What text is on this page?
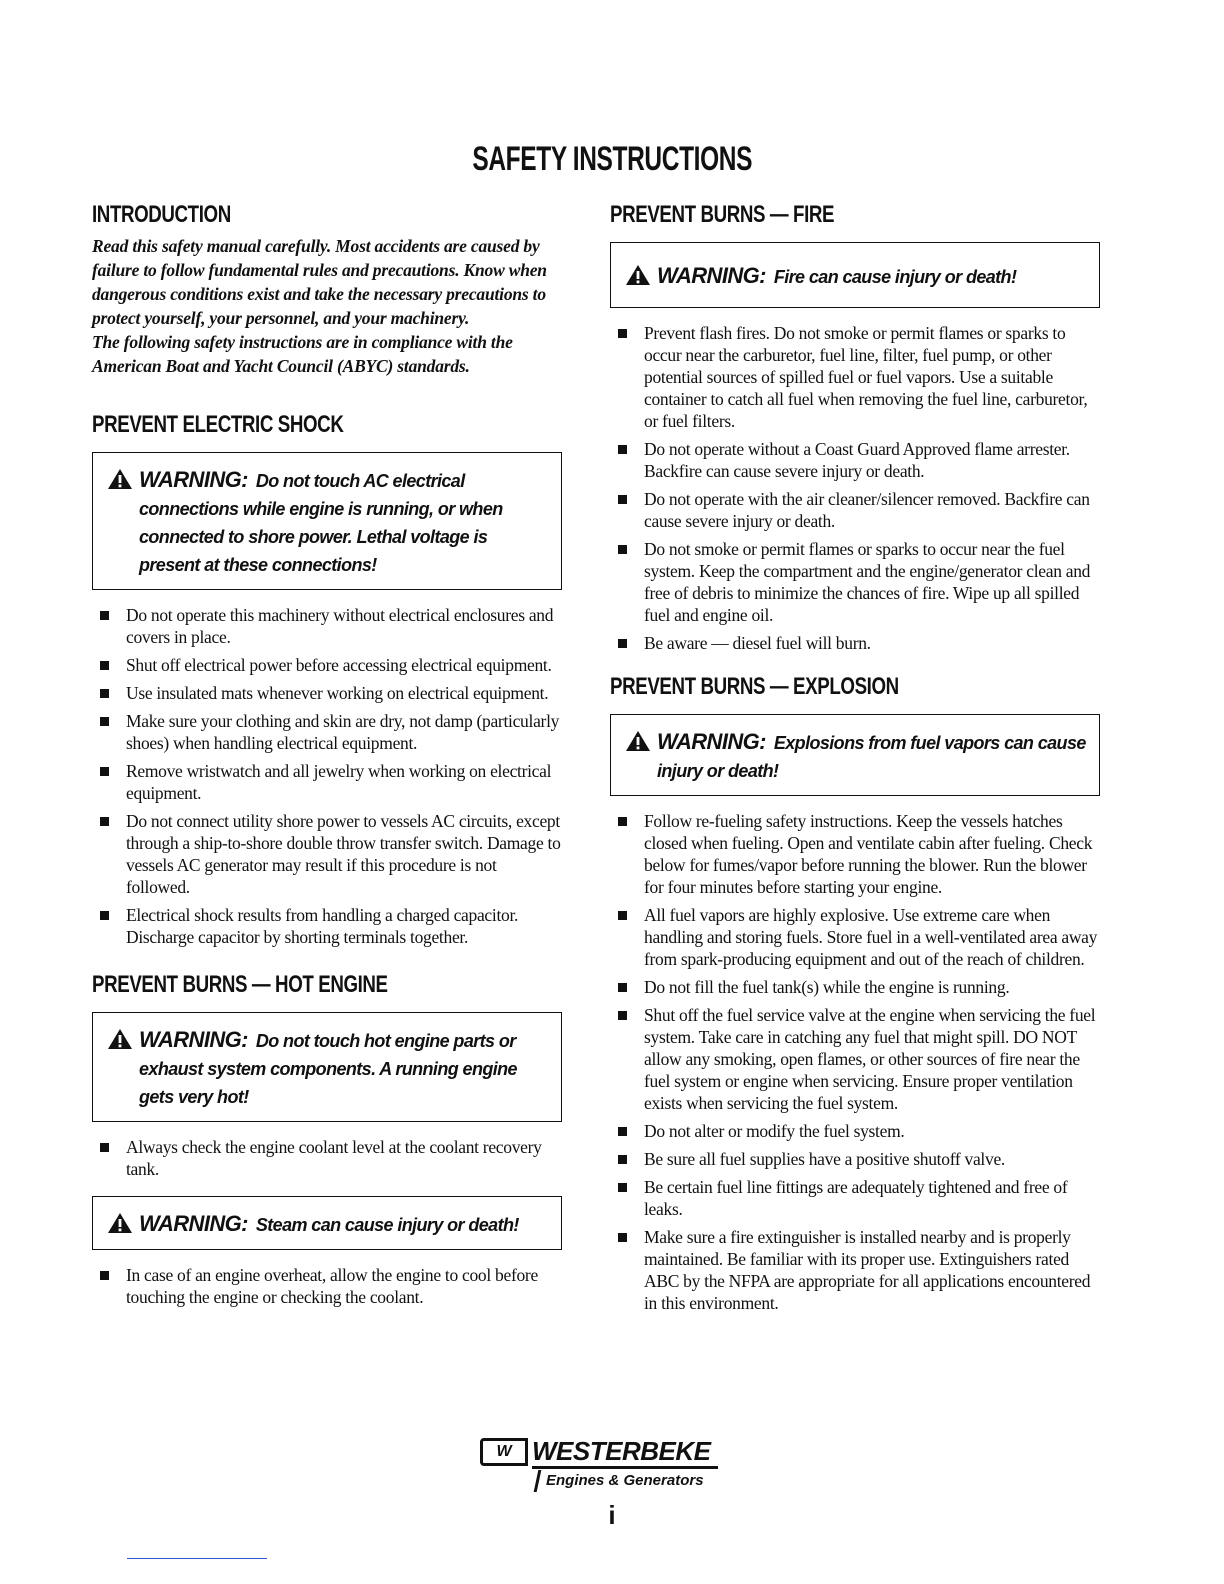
SAFETY INSTRUCTIONS
INTRODUCTION

Read this safety manual carefully. Most accidents are caused by failure to follow fundamental rules and precautions. Know when dangerous conditions exist and take the necessary precautions to protect yourself, your personnel, and your machinery.

The following safety instructions are in compliance with the American Boat and Yacht Council (ABYC) standards.

PREVENT ELECTRIC SHOCK
WARNING: Do not touch AC electrical connections while engine is running, or when connected to shore power. Lethal voltage is present at these connections!
Do not operate this machinery without electrical enclosures and covers in place.
Shut off electrical power before accessing electrical equipment.
Use insulated mats whenever working on electrical equipment.
Make sure your clothing and skin are dry, not damp (particularly shoes) when handling electrical equipment.
Remove wristwatch and all jewelry when working on electrical equipment.
Do not connect utility shore power to vessels AC circuits, except through a ship-to-shore double throw transfer switch. Damage to vessels AC generator may result if this procedure is not followed.
Electrical shock results from handling a charged capacitor. Discharge capacitor by shorting terminals together.
PREVENT BURNS — HOT ENGINE
WARNING: Do not touch hot engine parts or exhaust system components. A running engine gets very hot!
Always check the engine coolant level at the coolant recovery tank.
WARNING: Steam can cause injury or death!
In case of an engine overheat, allow the engine to cool before touching the engine or checking the coolant.
PREVENT BURNS — FIRE
WARNING: Fire can cause injury or death!
Prevent flash fires. Do not smoke or permit flames or sparks to occur near the carburetor, fuel line, filter, fuel pump, or other potential sources of spilled fuel or fuel vapors. Use a suitable container to catch all fuel when removing the fuel line, carburetor, or fuel filters.
Do not operate without a Coast Guard Approved flame arrester. Backfire can cause severe injury or death.
Do not operate with the air cleaner/silencer removed. Backfire can cause severe injury or death.
Do not smoke or permit flames or sparks to occur near the fuel system. Keep the compartment and the engine/generator clean and free of debris to minimize the chances of fire. Wipe up all spilled fuel and engine oil.
Be aware — diesel fuel will burn.
PREVENT BURNS — EXPLOSION
WARNING: Explosions from fuel vapors can cause injury or death!
Follow re-fueling safety instructions. Keep the vessels hatches closed when fueling. Open and ventilate cabin after fueling. Check below for fumes/vapor before running the blower. Run the blower for four minutes before starting your engine.
All fuel vapors are highly explosive. Use extreme care when handling and storing fuels. Store fuel in a well-ventilated area away from spark-producing equipment and out of the reach of children.
Do not fill the fuel tank(s) while the engine is running.
Shut off the fuel service valve at the engine when servicing the fuel system. Take care in catching any fuel that might spill. DO NOT allow any smoking, open flames, or other sources of fire near the fuel system or engine when servicing. Ensure proper ventilation exists when servicing the fuel system.
Do not alter or modify the fuel system.
Be sure all fuel supplies have a positive shutoff valve.
Be certain fuel line fittings are adequately tightened and free of leaks.
Make sure a fire extinguisher is installed nearby and is properly maintained. Be familiar with its proper use. Extinguishers rated ABC by the NFPA are appropriate for all applications encountered in this environment.
W WESTERBEKE
Engines & Generators
i
